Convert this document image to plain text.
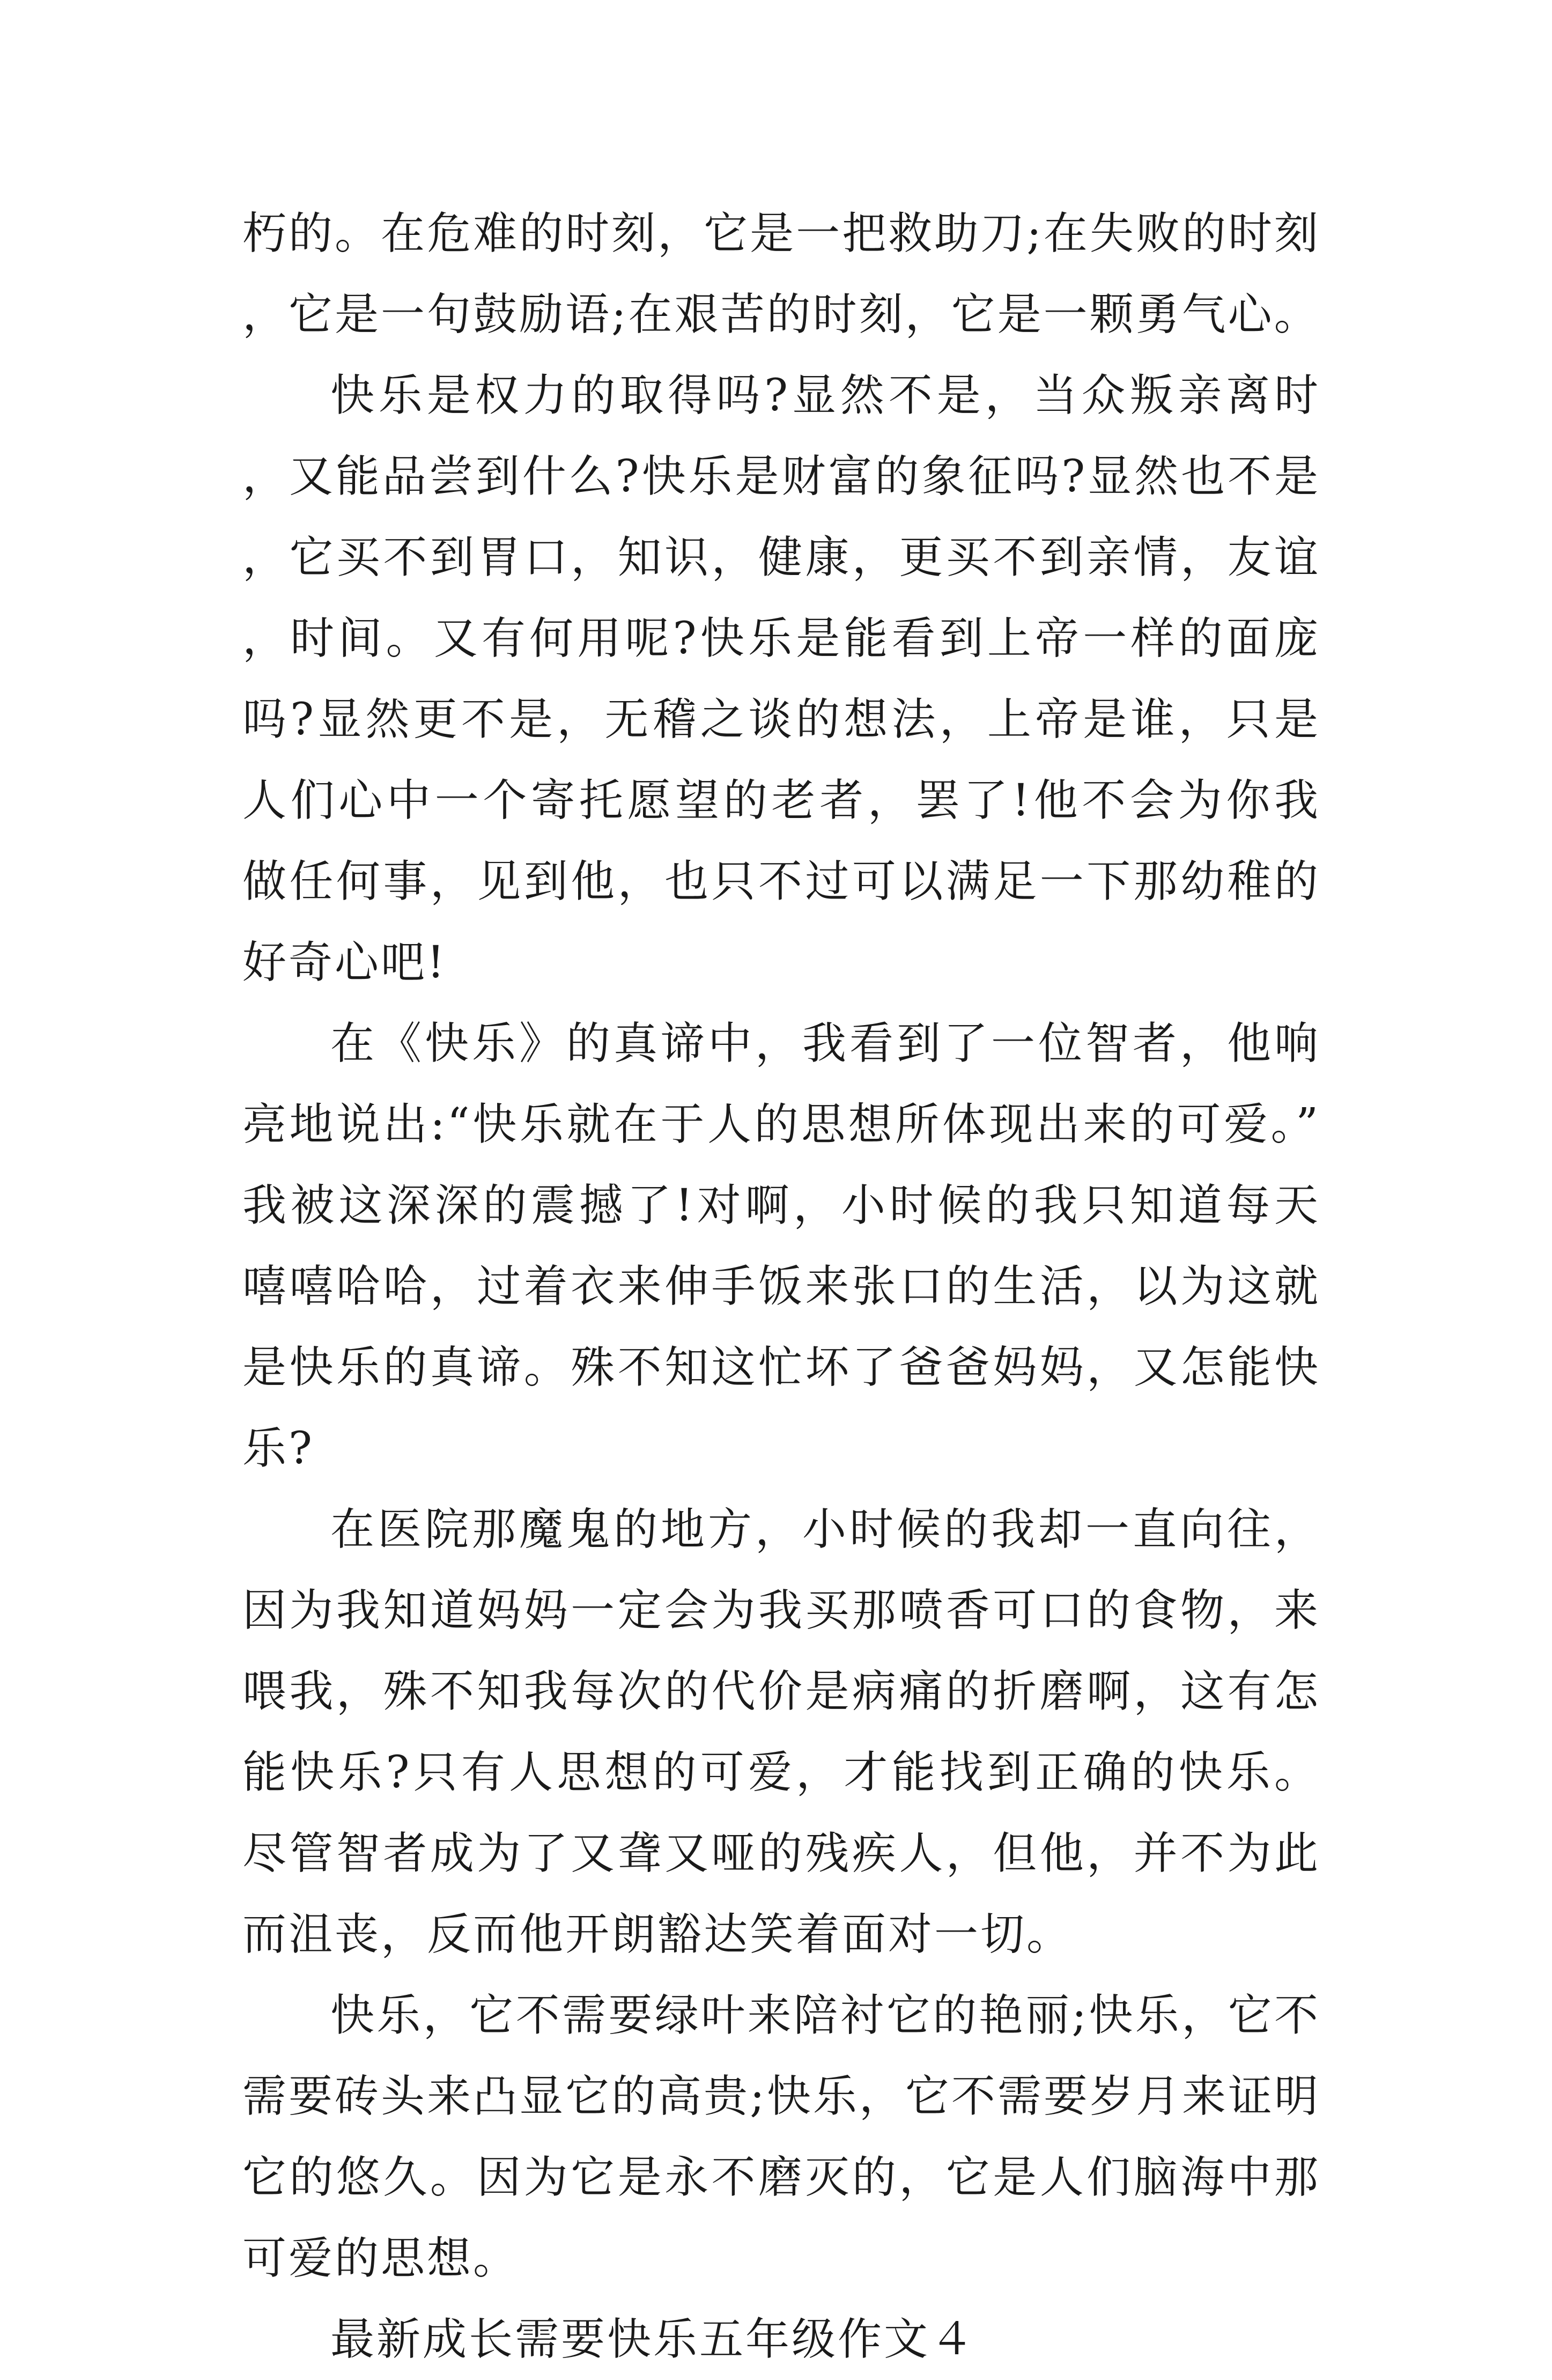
朽的。在危难的时刻，它是一把救助刀;在失败的时刻，它是一句鼓励语;在艰苦的时刻，它是一颗勇气心。

快乐是权力的取得吗?显然不是，当众叛亲离时，又能品尝到什么?快乐是财富的象征吗?显然也不是，它买不到胃口，知识，健康，更买不到亲情，友谊，时间。又有何用呢?快乐是能看到上帝一样的面庞吗?显然更不是，无稽之谈的想法，上帝是谁，只是人们心中一个寄托愿望的老者，罢了!他不会为你我做任何事，见到他，也只不过可以满足一下那幼稚的好奇心吧!

在《快乐》的真谛中，我看到了一位智者，他响亮地说出:“快乐就在于人的思想所体现出来的可爱。”我被这深深的震撼了!对啊，小时候的我只知道每天嘻嘻哈哈，过着衣来伸手饭来张口的生活，以为这就是快乐的真谛。殊不知这忙坏了爸爸妈妈，又怎能快乐?

在医院那魔鬼的地方，小时候的我却一直向往，因为我知道妈妈一定会为我买那喷香可口的食物，来喂我，殊不知我每次的代价是病痛的折磨啊，这有怎能快乐?只有人思想的可爱，才能找到正确的快乐。尽管智者成为了又聋又哑的残疾人，但他，并不为此而沮丧，反而他开朗豁达笑着面对一切。

快乐，它不需要绿叶来陪衬它的艳丽;快乐，它不需要砖头来凸显它的高贵;快乐，它不需要岁月来证明它的悠久。因为它是永不磨灭的，它是人们脑海中那可爱的思想。

最新成长需要快乐五年级作文４
